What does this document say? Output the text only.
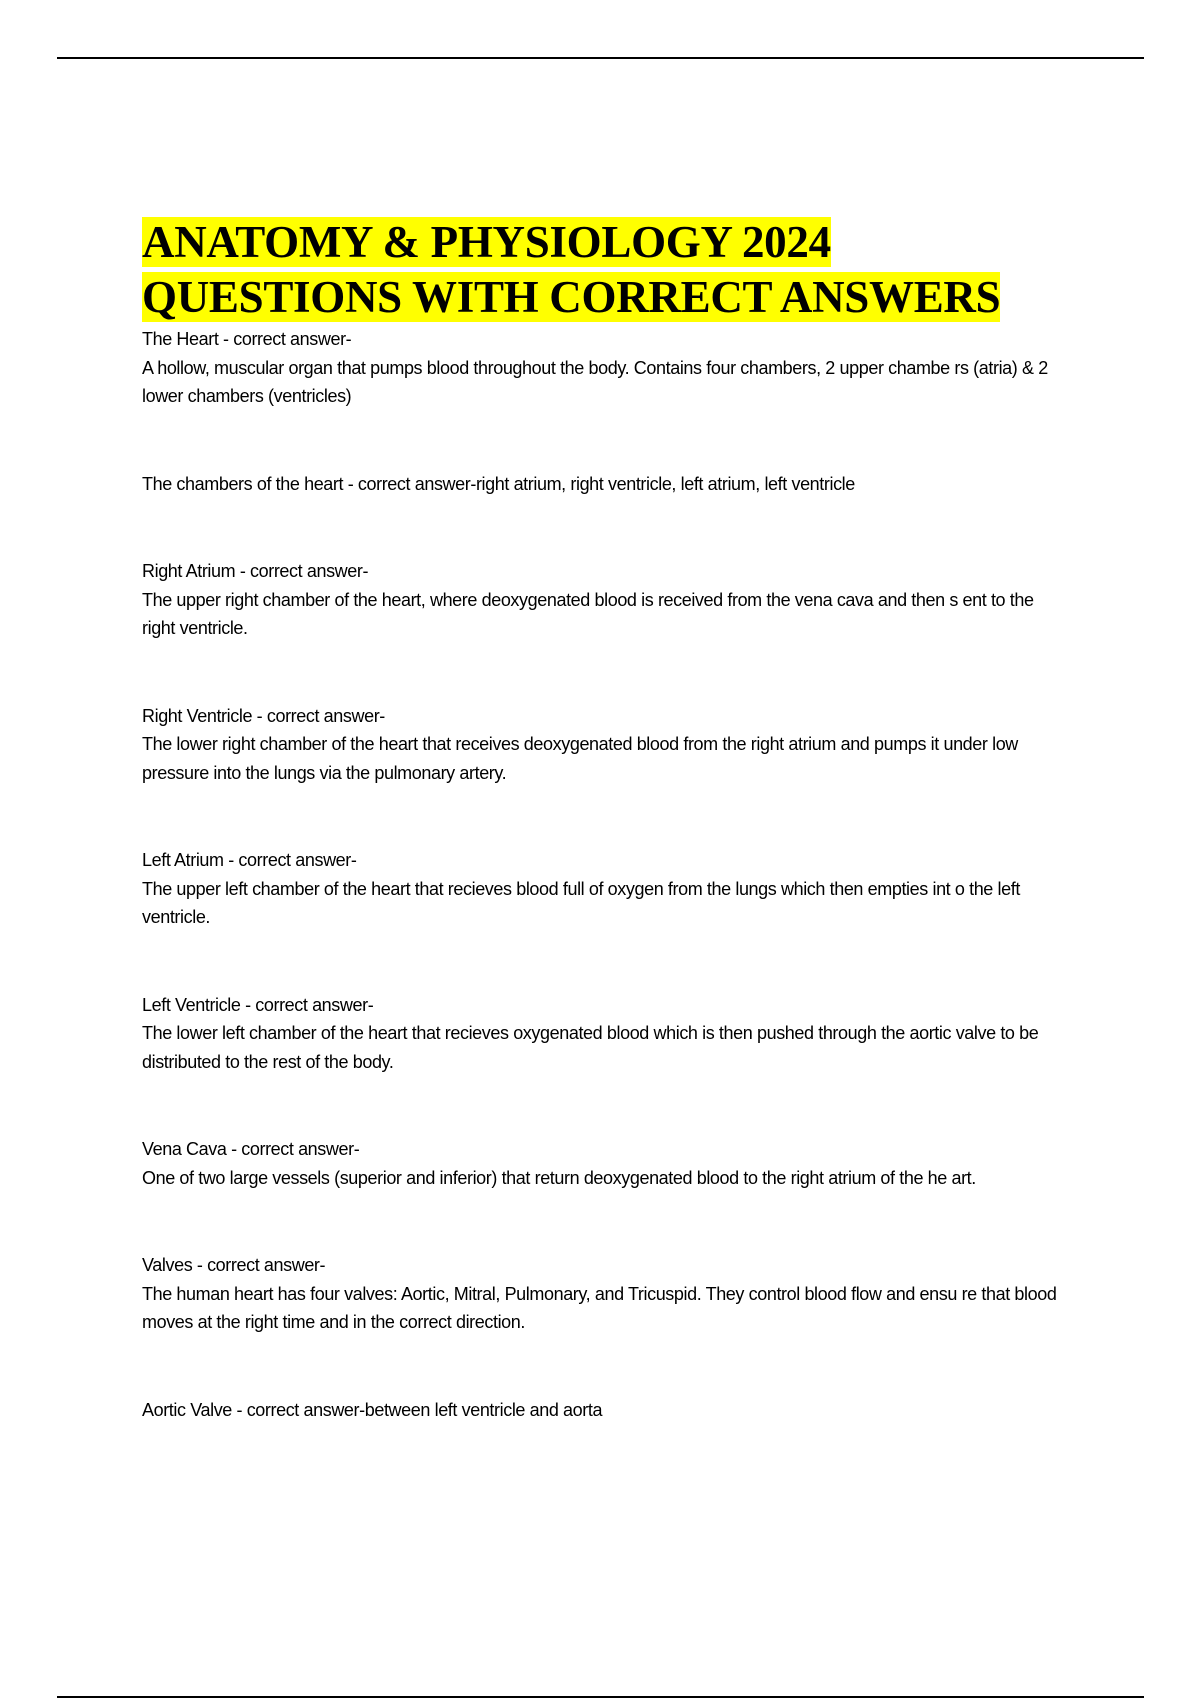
ANATOMY & PHYSIOLOGY 2024
QUESTIONS WITH CORRECT ANSWERS
The Heart - correct answer-
A hollow, muscular organ that pumps blood throughout the body. Contains four chambers, 2 upper chambe rs (atria) & 2 lower chambers (ventricles)
The chambers of the heart - correct answer-right atrium, right ventricle, left atrium, left ventricle
Right Atrium - correct answer-
The upper right chamber of the heart, where deoxygenated blood is received from the vena cava and then s ent to the right ventricle.
Right Ventricle - correct answer-
The lower right chamber of the heart that receives deoxygenated blood from the right atrium and pumps it under low pressure into the lungs via the pulmonary artery.
Left Atrium - correct answer-
The upper left chamber of the heart that recieves blood full of oxygen from the lungs which then empties int o the left ventricle.
Left Ventricle - correct answer-
The lower left chamber of the heart that recieves oxygenated blood which is then pushed through the aortic valve to be distributed to the rest of the body.
Vena Cava - correct answer-
One of two large vessels (superior and inferior) that return deoxygenated blood to the right atrium of the he art.
Valves - correct answer-
The human heart has four valves: Aortic, Mitral, Pulmonary, and Tricuspid. They control blood flow and ensu re that blood moves at the right time and in the correct direction.
Aortic Valve - correct answer-between left ventricle and aorta
